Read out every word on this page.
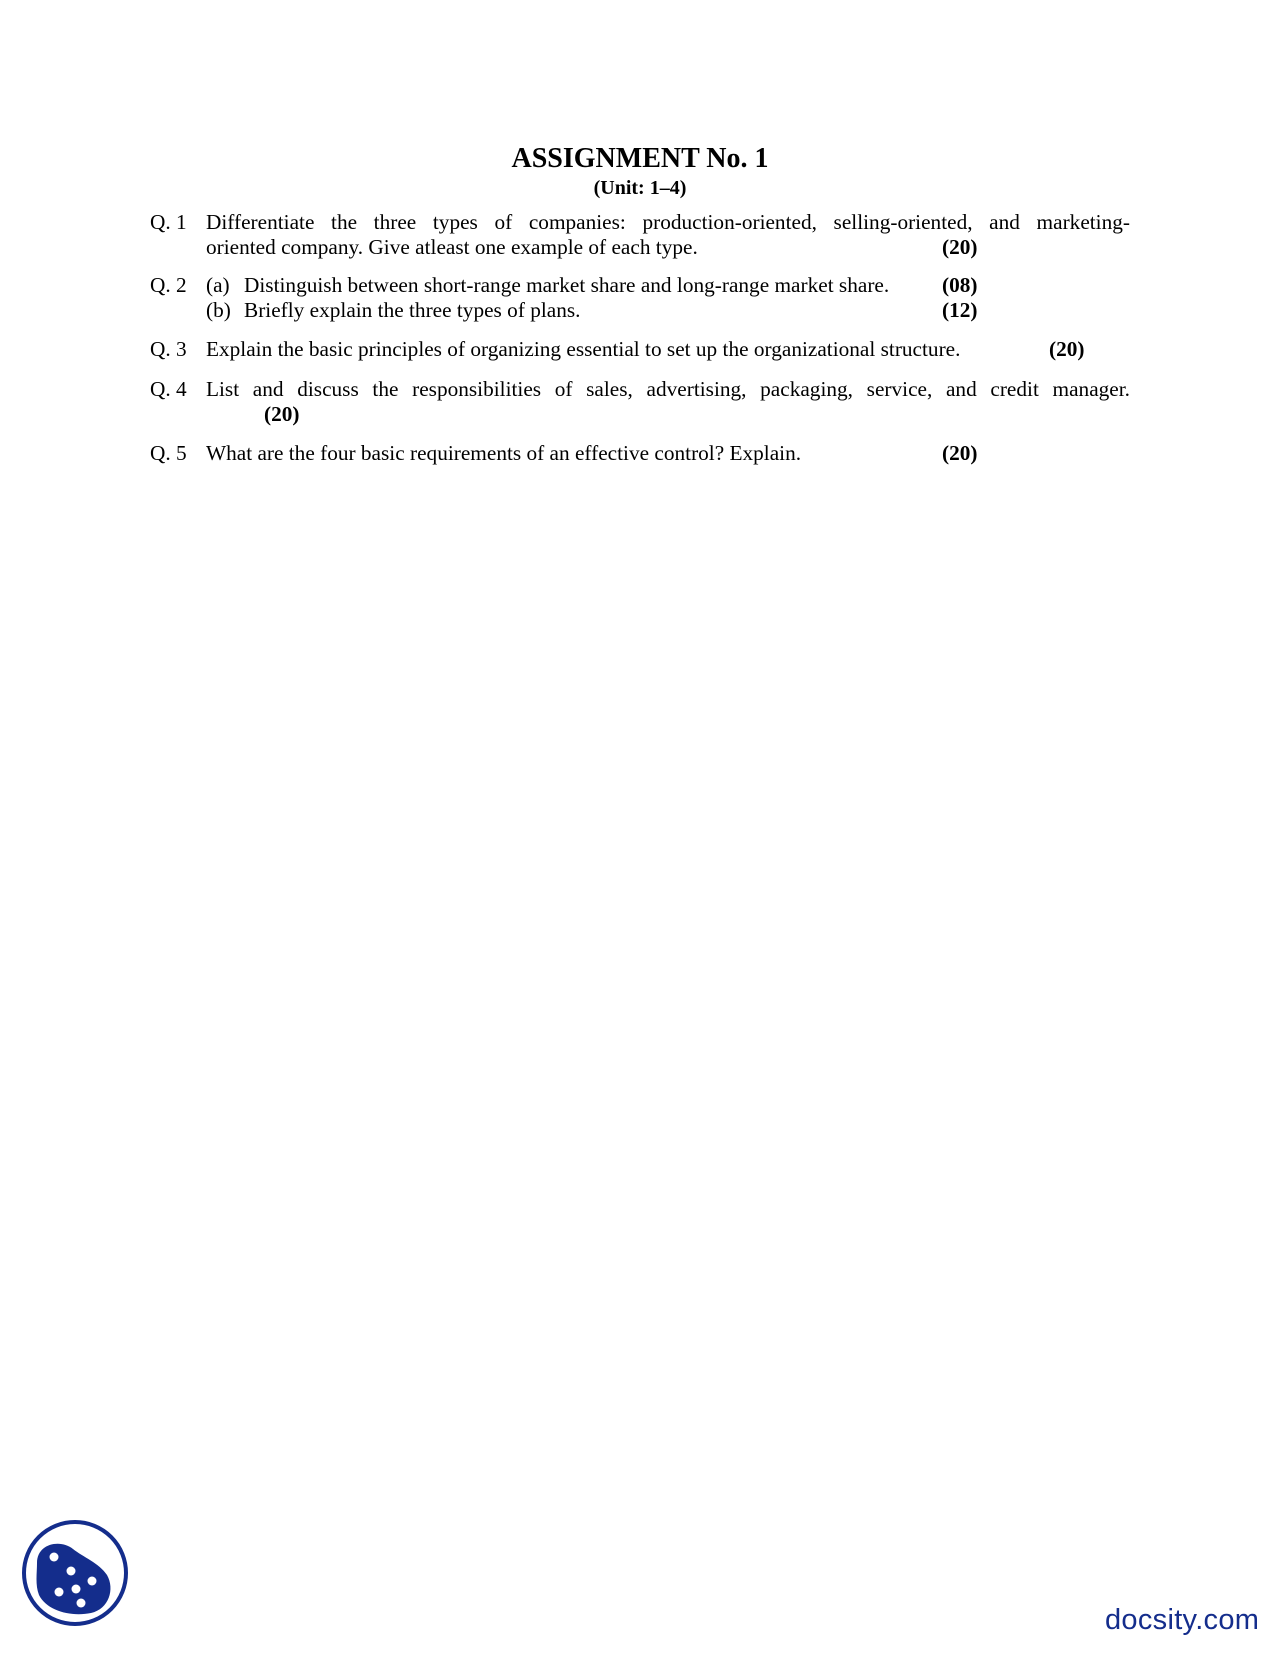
ASSIGNMENT No. 1
(Unit: 1–4)
Q. 1 Differentiate the three types of companies: production-oriented, selling-oriented, and marketing-
oriented company. Give atleast one example of each type.	(20)
Q. 2 (a) Distinguish between short-range market share and long-range market share. (08)
(b) Briefly explain the three types of plans.	(12)
Q. 3 Explain the basic principles of organizing essential to set up the organizational structure.	(20)
Q. 4 List and discuss the responsibilities of sales, advertising, packaging, service, and credit manager.
(20)
Q. 5 What are the four basic requirements of an effective control? Explain.	(20)
docsity.com
